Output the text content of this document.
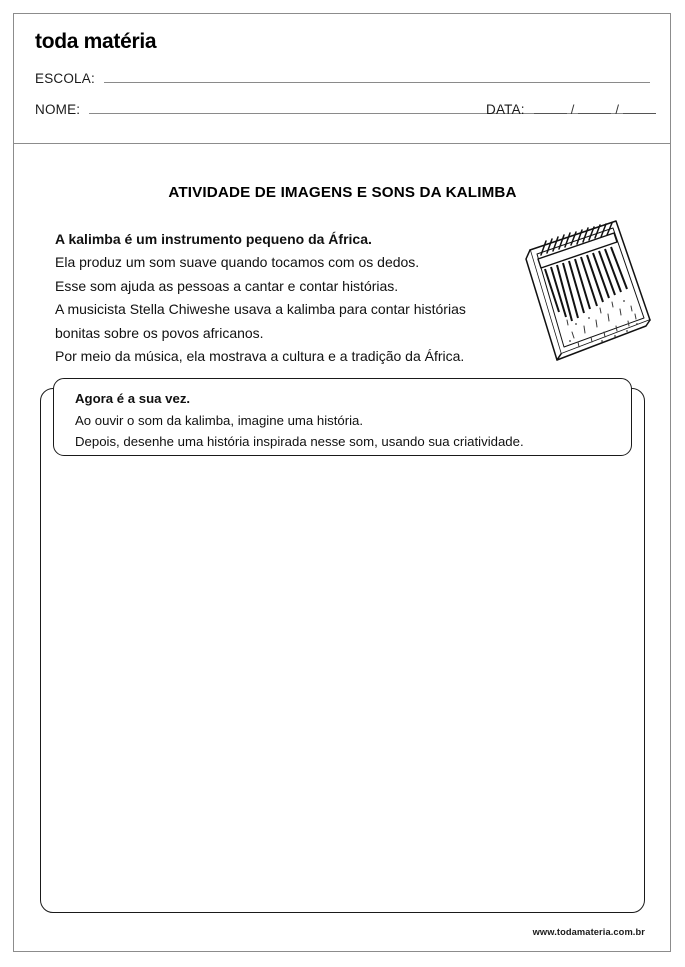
toda matéria
ESCOLA:
NOME:	DATA:	/	/
ATIVIDADE DE IMAGENS E SONS DA KALIMBA
A kalimba é um instrumento pequeno da África.
Ela produz um som suave quando tocamos com os dedos.
Esse som ajuda as pessoas a cantar e contar histórias.
A musicista Stella Chiweshe usava a kalimba para contar histórias
bonitas sobre os povos africanos.
Por meio da música, ela mostrava a cultura e a tradição da África.
Agora é a sua vez.
Ao ouvir o som da kalimba, imagine uma história.
Depois, desenhe uma história inspirada nesse som, usando sua criatividade.
www.todamateria.com.br
